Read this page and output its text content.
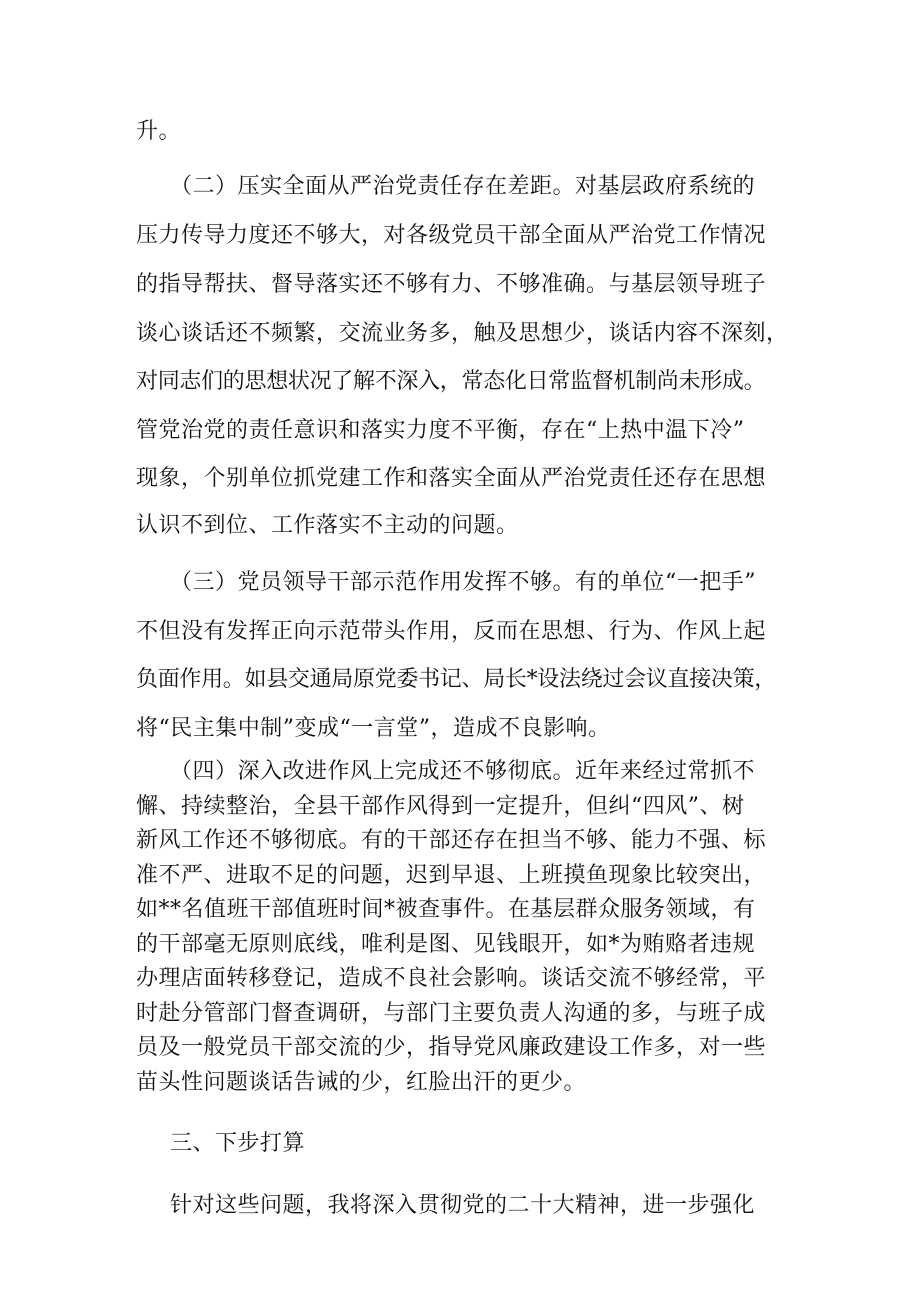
升。
（二）压实全面从严治党责任存在差距。对基层政府系统的
压力传导力度还不够大，对各级党员干部全面从严治党工作情况
的指导帮扶、督导落实还不够有力、不够准确。与基层领导班子
谈心谈话还不频繁，交流业务多，触及思想少，谈话内容不深刻，
对同志们的思想状况了解不深入，常态化日常监督机制尚未形成。
管党治党的责任意识和落实力度不平衡，存在“上热中温下冷”
现象，个别单位抓党建工作和落实全面从严治党责任还存在思想
认识不到位、工作落实不主动的问题。
（三）党员领导干部示范作用发挥不够。有的单位“一把手”
不但没有发挥正向示范带头作用，反而在思想、行为、作风上起
负面作用。如县交通局原党委书记、局长*设法绕过会议直接决策，
将“民主集中制”变成“一言堂”，造成不良影响。
（四）深入改进作风上完成还不够彻底。近年来经过常抓不
懈、持续整治，全县干部作风得到一定提升，但纠“四风”、树
新风工作还不够彻底。有的干部还存在担当不够、能力不强、标
准不严、进取不足的问题，迟到早退、上班摸鱼现象比较突出，
如**名值班干部值班时间*被查事件。在基层群众服务领域，有
的干部毫无原则底线，唯利是图、见钱眼开，如*为贿赂者违规
办理店面转移登记，造成不良社会影响。谈话交流不够经常，平
时赴分管部门督查调研，与部门主要负责人沟通的多，与班子成
员及一般党员干部交流的少，指导党风廉政建设工作多，对一些
苗头性问题谈话告诫的少，红脸出汗的更少。
三、下步打算
针对这些问题，我将深入贯彻党的二十大精神，进一步强化
